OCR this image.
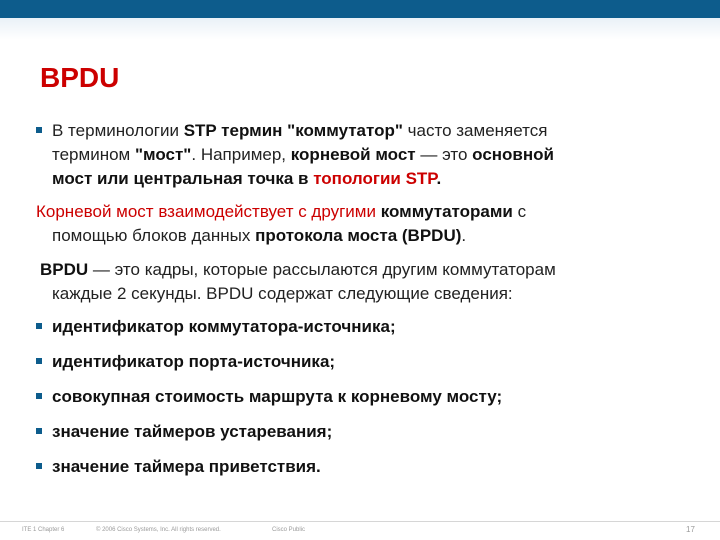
BPDU
В терминологии STP термин "коммутатор" часто заменяется
термином "мост". Например, корневой мост — это основной
мост или центральная точка в топологии STP.
Корневой мост взаимодействует с другими коммутаторами с
помощью блоков данных протокола моста (BPDU).
BPDU — это кадры, которые рассылаются другим коммутаторам
каждые 2 секунды. BPDU содержат следующие сведения:
идентификатор коммутатора-источника;
идентификатор порта-источника;
совокупная стоимость маршрута к корневому мосту;
значение таймеров устаревания;
значение таймера приветствия.
ITE 1 Chapter 6	© 2006 Cisco Systems, Inc. All rights reserved.	Cisco Public	17
